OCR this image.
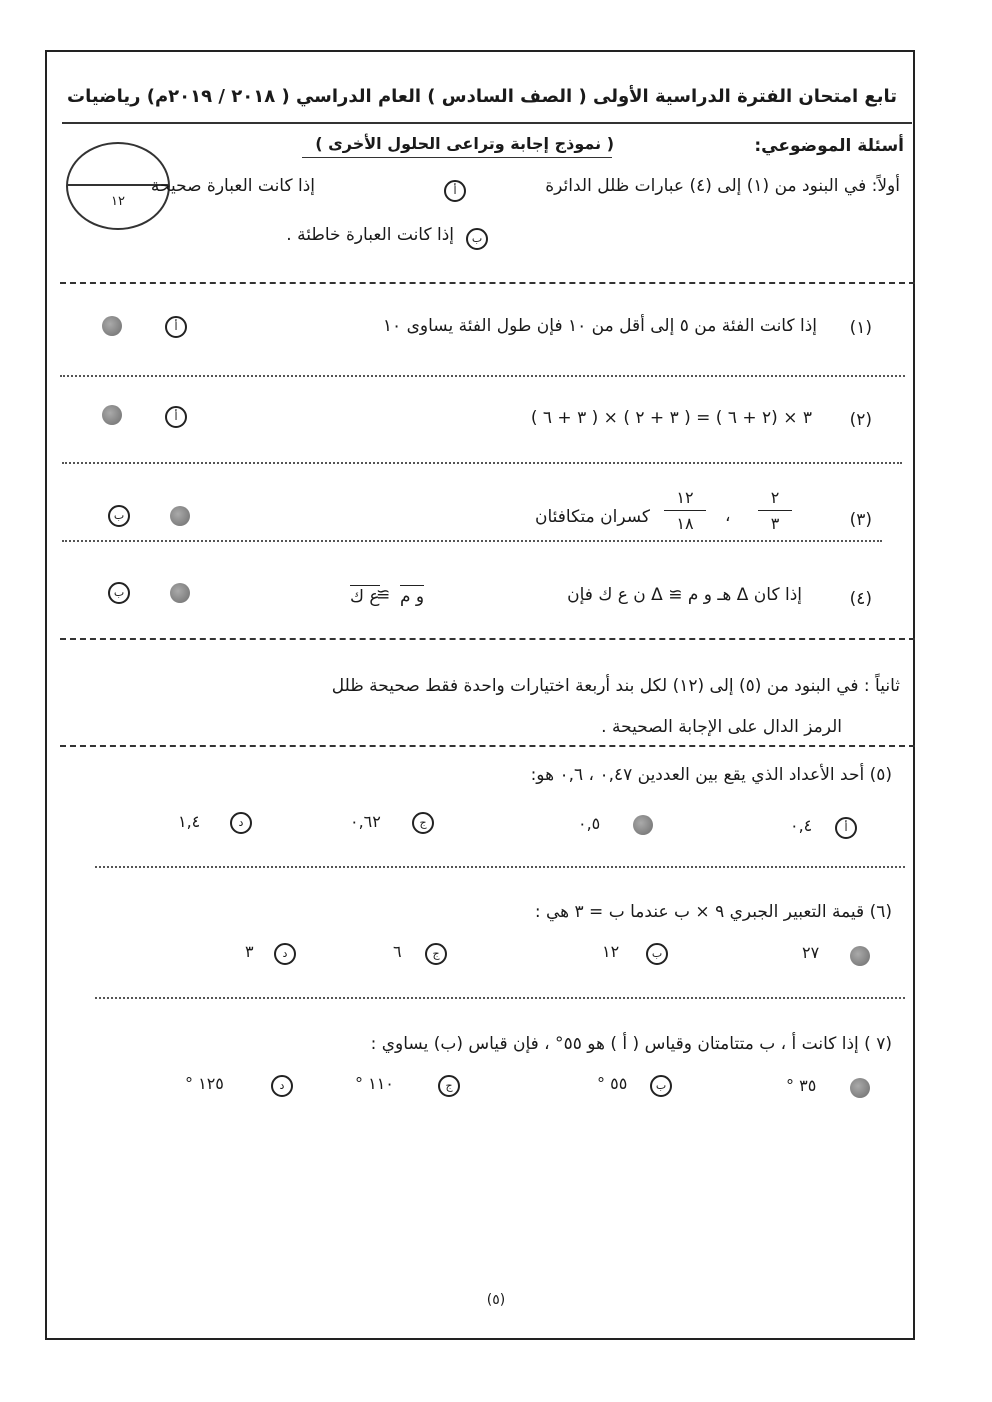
تابع امتحان الفترة الدراسية الأولى ( الصف السادس ) العام الدراسي ( ٢٠١٨ / ٢٠١٩م) رياضيات
أسئلة الموضوعي:
( نموذج إجابة وتراعى الحلول الأخرى )
١٢
أولاً: في البنود من (١) إلى (٤) عبارات ظلل الدائرة
أ
إذا كانت العبارة صحيحة
ب
إذا كانت العبارة خاطئة .
(١)
إذا كانت الفئة من ٥ إلى أقل من ١٠ فإن طول الفئة يساوى ١٠
أ
(٢)
٣ × (٢ + ٦ ) = ( ٣ + ٢ ) × ( ٣ + ٦ )
أ
(٣)
٢
٣
،
١٢
١٨
كسران متكافئان
ب
(٤)
إذا كان Δ هـ و م ≅ Δ ن ع ك فإن
و م
≅
ع ك
ب
ثانياً : في البنود من (٥) إلى (١٢) لكل بند أربعة اختيارات واحدة فقط صحيحة ظلل
الرمز الدال على الإجابة الصحيحة .
(٥) أحد الأعداد الذي يقع بين العددين ٠,٤٧ ، ٠,٦ هو:
أ
٠,٤
٠,٥
ج
٠,٦٢
د
١,٤
(٦) قيمة التعبير الجبري ٩ × ب عندما ب = ٣ هي :
٢٧
ب
١٢
ج
٦
د
٣
(٧ ) إذا كانت أ ، ب متتامتان وقياس ( أ ) هو ٥٥° ، فإن قياس (ب) يساوي :
٣٥ °
ب
٥٥ °
ج
١١٠ °
د
١٢٥ °
(٥)
